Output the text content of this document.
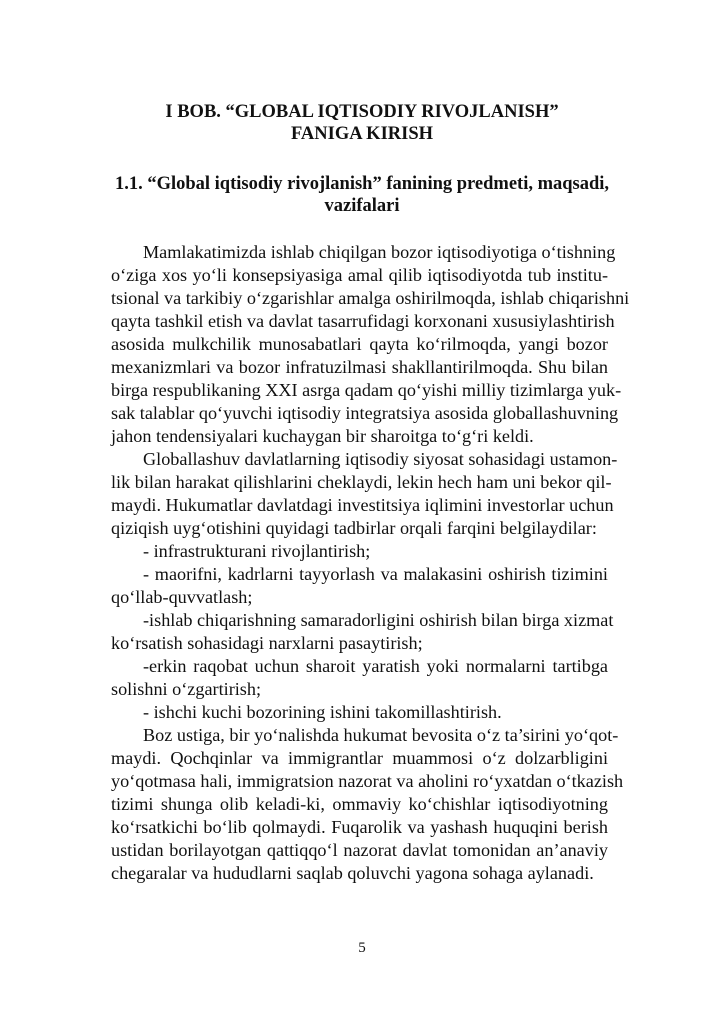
I BOB. “GLOBAL IQTISODIY RIVOJLANISH”
FANIGA KIRISH
1.1. “Global iqtisodiy rivojlanish” fanining predmeti, maqsadi,
vazifalari
Mamlakatimizda ishlab chiqilgan bozor iqtisodiyotiga o‘tishning
o‘ziga xos yo‘li konsepsiyasiga amal qilib iqtisodiyotda tub institu-
tsional va tarkibiy o‘zgarishlar amalga oshirilmoqda, ishlab chiqarishni
qayta tashkil etish va davlat tasarrufidagi korxonani xususiylashtirish
asosida mulkchilik munosabatlari qayta ko‘rilmoqda, yangi bozor
mexanizmlari va bozor infratuzilmasi shakllantirilmoqda. Shu bilan
birga respublikaning XXI asrga qadam qo‘yishi milliy tizimlarga yuk-
sak talablar qo‘yuvchi iqtisodiy integratsiya asosida globallashuvning
jahon tendensiyalari kuchaygan bir sharoitga to‘g‘ri keldi.
Globallashuv davlatlarning iqtisodiy siyosat sohasidagi ustamon-
lik bilan harakat qilishlarini cheklaydi, lekin hech ham uni bekor qil-
maydi. Hukumatlar davlatdagi investitsiya iqlimini investorlar uchun
qiziqish uyg‘otishini quyidagi tadbirlar orqali farqini belgilaydilar:
- infrastrukturani rivojlantirish;
- maorifni, kadrlarni tayyorlash va malakasini oshirish tizimini
qo‘llab-quvvatlash;
-ishlab chiqarishning samaradorligini oshirish bilan birga xizmat
ko‘rsatish sohasidagi narxlarni pasaytirish;
-erkin raqobat uchun sharoit yaratish yoki normalarni tartibga
solishni o‘zgartirish;
- ishchi kuchi bozorining ishini takomillashtirish.
Boz ustiga, bir yo‘nalishda hukumat bevosita o‘z ta’sirini yo‘qot-
maydi. Qochqinlar va immigrantlar muammosi o‘z dolzarbligini
yo‘qotmasa hali, immigratsion nazorat va aholini ro‘yxatdan o‘tkazish
tizimi shunga olib keladi-ki, ommaviy ko‘chishlar iqtisodiyotning
ko‘rsatkichi bo‘lib qolmaydi. Fuqarolik va yashash huquqini berish
ustidan borilayotgan qattiqqo‘l nazorat davlat tomonidan an’anaviy
chegaralar va hududlarni saqlab qoluvchi yagona sohaga aylanadi.
5
